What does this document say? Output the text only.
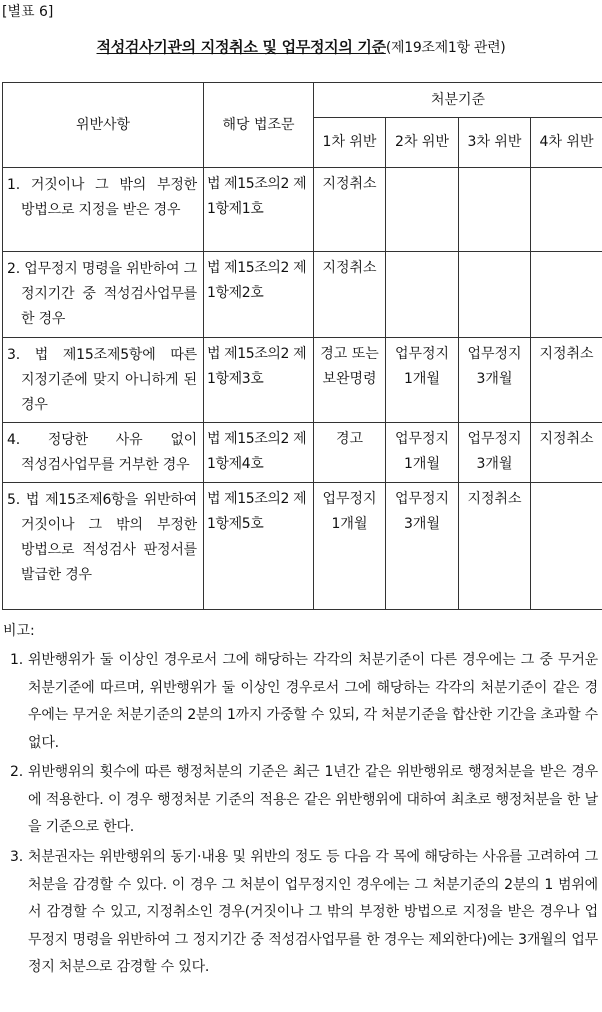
[별표 6]
적성검사기관의 지정취소 및 업무정지의 기준(제19조제1항 관련)
위반사항	해당 법조문	처분기준			
		1차 위반	2차 위반	3차 위반	4차 위반

1. 거짓이나 그 밖의 부정한 방법으로 지정을 받은 경우	법 제15조의2 제1항제1호	지정취소			

2. 업무정지 명령을 위반하여 그 정지기간 중 적성검사업무를 한 경우	법 제15조의2 제1항제2호	지정취소			

3. 법 제15조제5항에 따른 지정기준에 맞지 아니하게 된 경우	법 제15조의2 제1항제3호	경고 또는 보완명령	업무정지 1개월	업무정지 3개월	지정취소

4. 정당한 사유 없이 적성검사업무를 거부한 경우	법 제15조의2 제1항제4호	경고	업무정지 1개월	업무정지 3개월	지정취소

5. 법 제15조제6항을 위반하여 거짓이나 그 밖의 부정한 방법으로 적성검사 판정서를 발급한 경우	법 제15조의2 제1항제5호	업무정지 1개월	업무정지 3개월	지정취소	
비고:
1. 위반행위가 둘 이상인 경우로서 그에 해당하는 각각의 처분기준이 다른 경우에는 그 중 무거운 처분기준에 따르며, 위반행위가 둘 이상인 경우로서 그에 해당하는 각각의 처분기준이 같은 경우에는 무거운 처분기준의 2분의 1까지 가중할 수 있되, 각 처분기준을 합산한 기간을 초과할 수 없다.
2. 위반행위의 횟수에 따른 행정처분의 기준은 최근 1년간 같은 위반행위로 행정처분을 받은 경우에 적용한다. 이 경우 행정처분 기준의 적용은 같은 위반행위에 대하여 최초로 행정처분을 한 날을 기준으로 한다.
3. 처분권자는 위반행위의 동기·내용 및 위반의 정도 등 다음 각 목에 해당하는 사유를 고려하여 그 처분을 감경할 수 있다. 이 경우 그 처분이 업무정지인 경우에는 그 처분기준의 2분의 1 범위에서 감경할 수 있고, 지정취소인 경우(거짓이나 그 밖의 부정한 방법으로 지정을 받은 경우나 업무정지 명령을 위반하여 그 정지기간 중 적성검사업무를 한 경우는 제외한다)에는 3개월의 업무정지 처분으로 감경할 수 있다.
